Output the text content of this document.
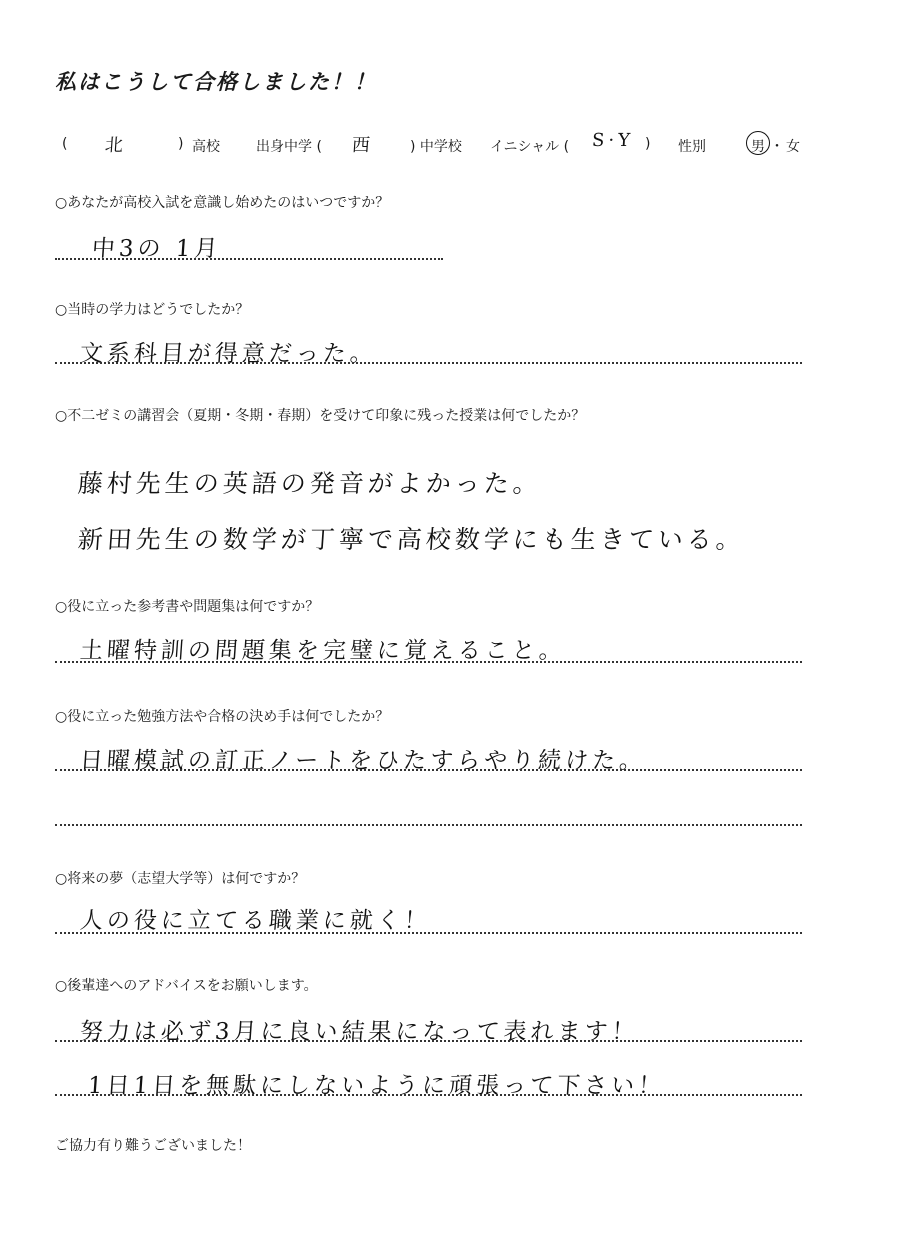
私はこうして合格しました！！
( 北	) 高校	出身中学 ( 西	) 中学校 イニシャル ( S·Y ) 性別	男 ・ 女
○あなたが高校入試を意識し始めたのはいつですか？
中3の 1月
○当時の学力はどうでしたか？
文系科目が得意だった。
○不二ゼミの講習会（夏期・冬期・春期）を受けて印象に残った授業は何でしたか？
藤村先生の英語の発音がよかった。
新田先生の数学が丁寧で高校数学にも生きている。
○役に立った参考書や問題集は何ですか？
土曜特訓の問題集を完璧に覚えること。
○役に立った勉強方法や合格の決め手は何でしたか？
日曜模試の訂正ノートをひたすらやり続けた。
○将来の夢（志望大学等）は何ですか？
人の役に立てる職業に就く！
○後輩達へのアドバイスをお願いします。
努力は必ず3月に良い結果になって表れます！
1日1日を無駄にしないように頑張って下さい！
ご協力有り難うございました！
